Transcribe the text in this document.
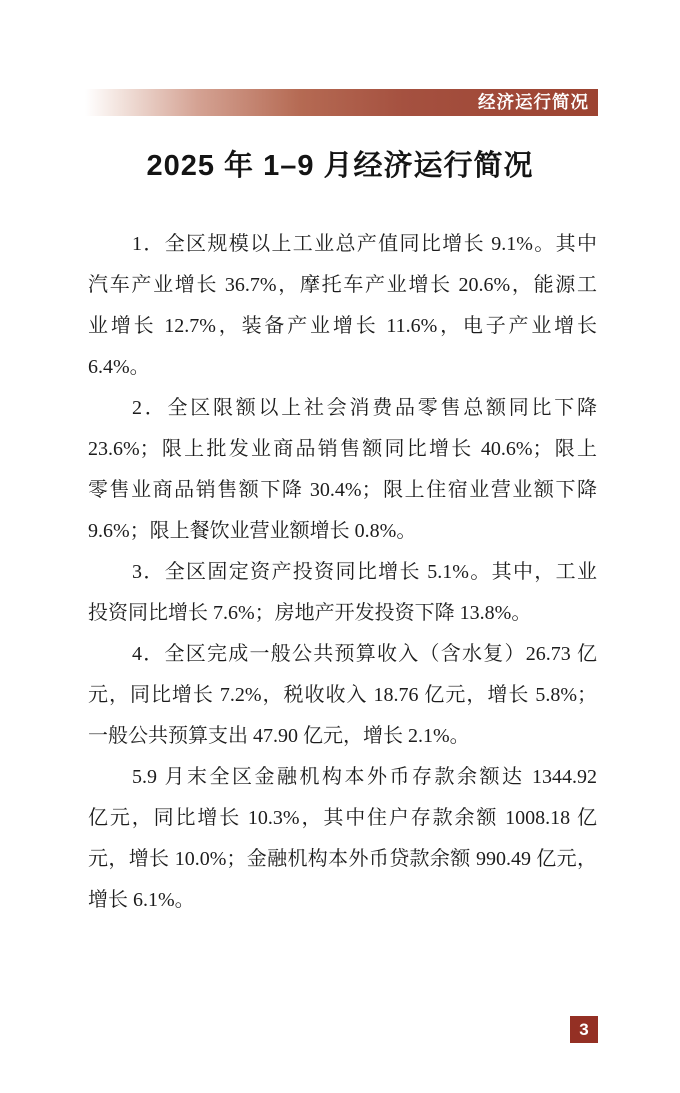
经济运行简况
2025 年 1–9 月经济运行简况
1．全区规模以上工业总产值同比增长 9.1%。其中
汽车产业增长 36.7%，摩托车产业增长 20.6%，能源工
业增长 12.7%，装备产业增长 11.6%，电子产业增长
6.4%。
2．全区限额以上社会消费品零售总额同比下降
23.6%；限上批发业商品销售额同比增长 40.6%；限上
零售业商品销售额下降 30.4%；限上住宿业营业额下降
9.6%；限上餐饮业营业额增长 0.8%。
3．全区固定资产投资同比增长 5.1%。其中，工业
投资同比增长 7.6%；房地产开发投资下降 13.8%。
4．全区完成一般公共预算收入（含水复）26.73 亿
元，同比增长 7.2%，税收收入 18.76 亿元，增长 5.8%；
一般公共预算支出 47.90 亿元，增长 2.1%。
5.9 月末全区金融机构本外币存款余额达 1344.92
亿元，同比增长 10.3%，其中住户存款余额 1008.18 亿
元，增长 10.0%；金融机构本外币贷款余额 990.49 亿元，
增长 6.1%。
3
